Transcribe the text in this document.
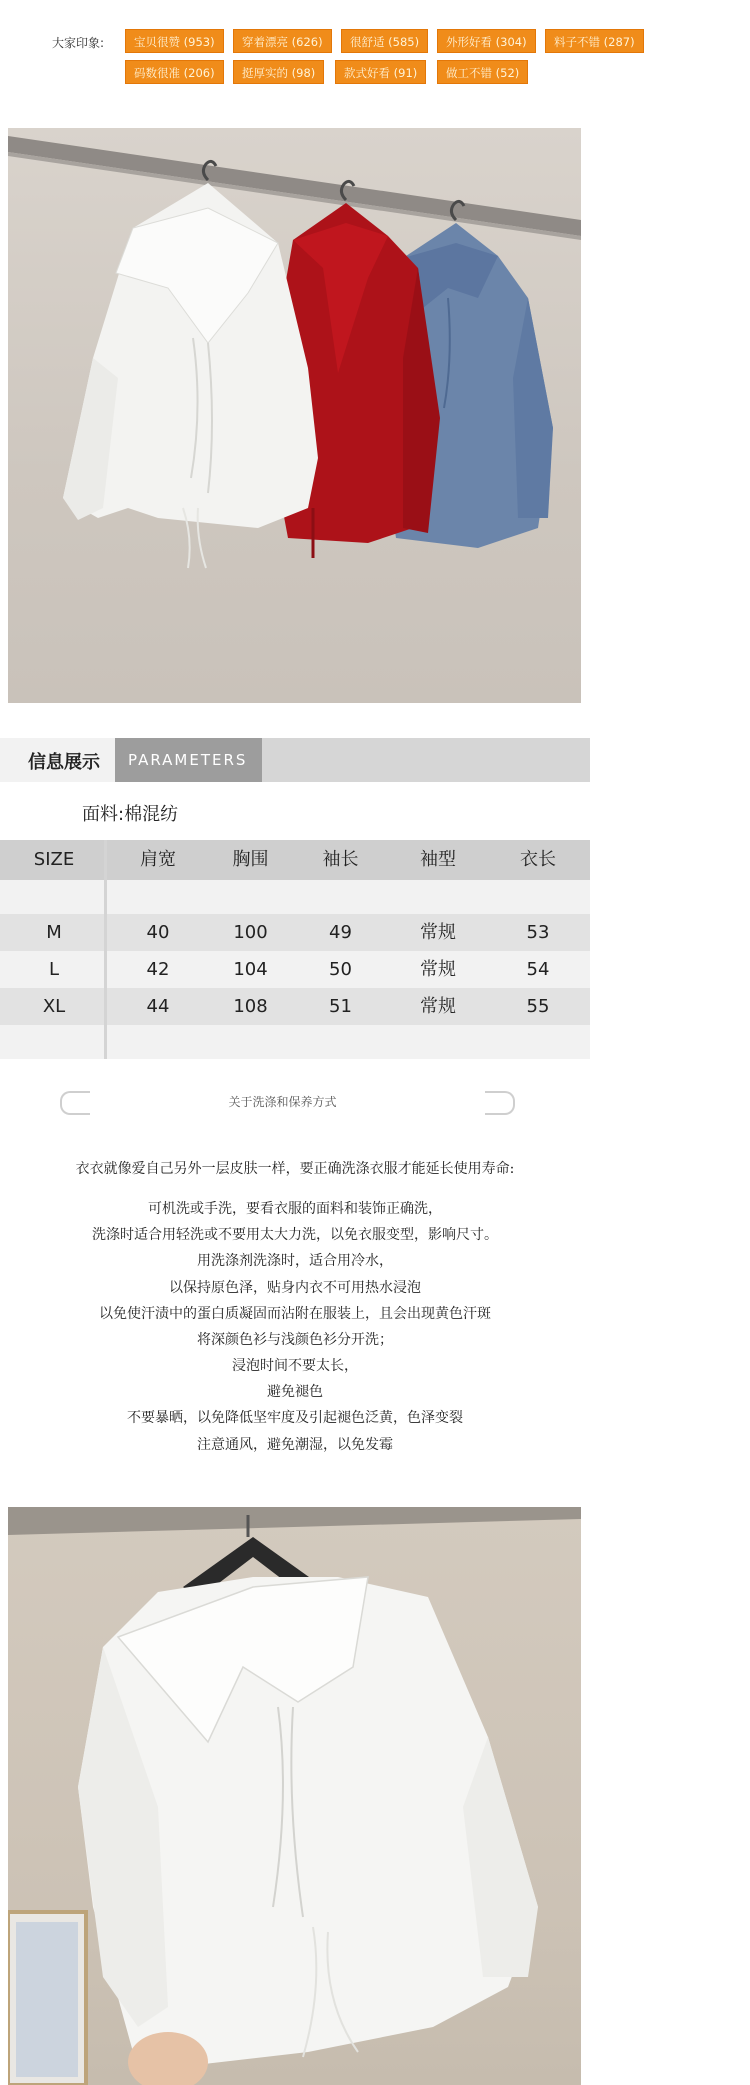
大家印象:	宝贝很赞 (953)	穿着漂亮 (626)	很舒适 (585)	外形好看 (304)	料子不错 (287)
码数很准 (206)	挺厚实的 (98)	款式好看 (91)	做工不错 (52)
信息展示 PARAMETERS
面料:棉混纺
SIZE	肩宽	胸围	袖长	袖型	衣长
M	40	100	49	常规	53
L	42	104	50	常规	54
XL	44	108	51	常规	55
关于洗涤和保养方式
衣衣就像爱自己另外一层皮肤一样，要正确洗涤衣服才能延长使用寿命:
可机洗或手洗，要看衣服的面料和装饰正确洗，
洗涤时适合用轻洗或不要用太大力洗，以免衣服变型，影响尺寸。
用洗涤剂洗涤时，适合用冷水，
以保持原色泽，贴身内衣不可用热水浸泡
以免使汗渍中的蛋白质凝固而沾附在服装上，且会出现黄色汗斑
将深颜色衫与浅颜色衫分开洗；
浸泡时间不要太长，
避免褪色
不要暴晒，以免降低坚牢度及引起褪色泛黄，色泽变裂
注意通风，避免潮湿，以免发霉
